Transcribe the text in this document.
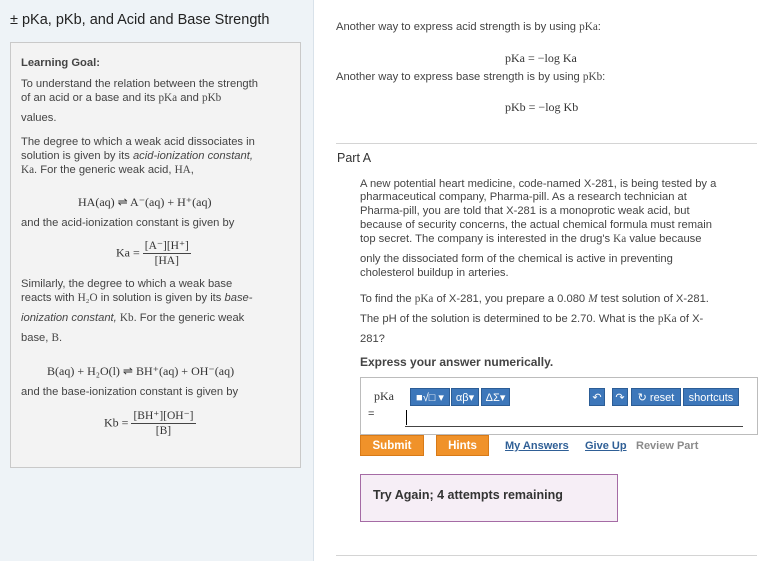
± pKa, pKb, and Acid and Base Strength
Learning Goal:
To understand the relation between the strength
of an acid or a base and its pKa and pKb
values.
The degree to which a weak acid dissociates in
solution is given by its acid-ionization constant,
Ka. For the generic weak acid, HA,
HA(aq) ⇌ A⁻(aq) + H⁺(aq)
and the acid-ionization constant is given by
$Ka = \frac{[A^-][H^+]}{[HA]}$
Similarly, the degree to which a weak base
reacts with H₂O in solution is given by its base-
ionization constant, Kb. For the generic weak
base, B.
B(aq) + H₂O(l) ⇌ BH⁺(aq) + OH⁻(aq)
and the base-ionization constant is given by
$Kb = \frac{[BH^+][OH^-]}{[B]}$
Another way to express acid strength is by using pKa:
pKa = −log Ka
Another way to express base strength is by using pKb:
pKb = −log Kb
Part A
A new potential heart medicine, code-named X-281, is being tested by a
pharmaceutical company, Pharma-pill. As a research technician at
Pharma-pill, you are told that X-281 is a monoprotic weak acid, but
because of security concerns, the actual chemical formula must remain
top secret. The company is interested in the drug's Ka value because
only the dissociated form of the chemical is active in preventing
cholesterol buildup in arteries.
To find the pKa of X-281, you prepare a 0.080 M test solution of X-281.
The pH of the solution is determined to be 2.70. What is the pKa of X-
281?
Express your answer numerically.
pKa
=
■√□ ▾	αβ▾	ΔΣ▾	↶	↷	↻ reset	shortcuts
Submit	Hints	My Answers Give Up Review Part
Try Again; 4 attempts remaining
